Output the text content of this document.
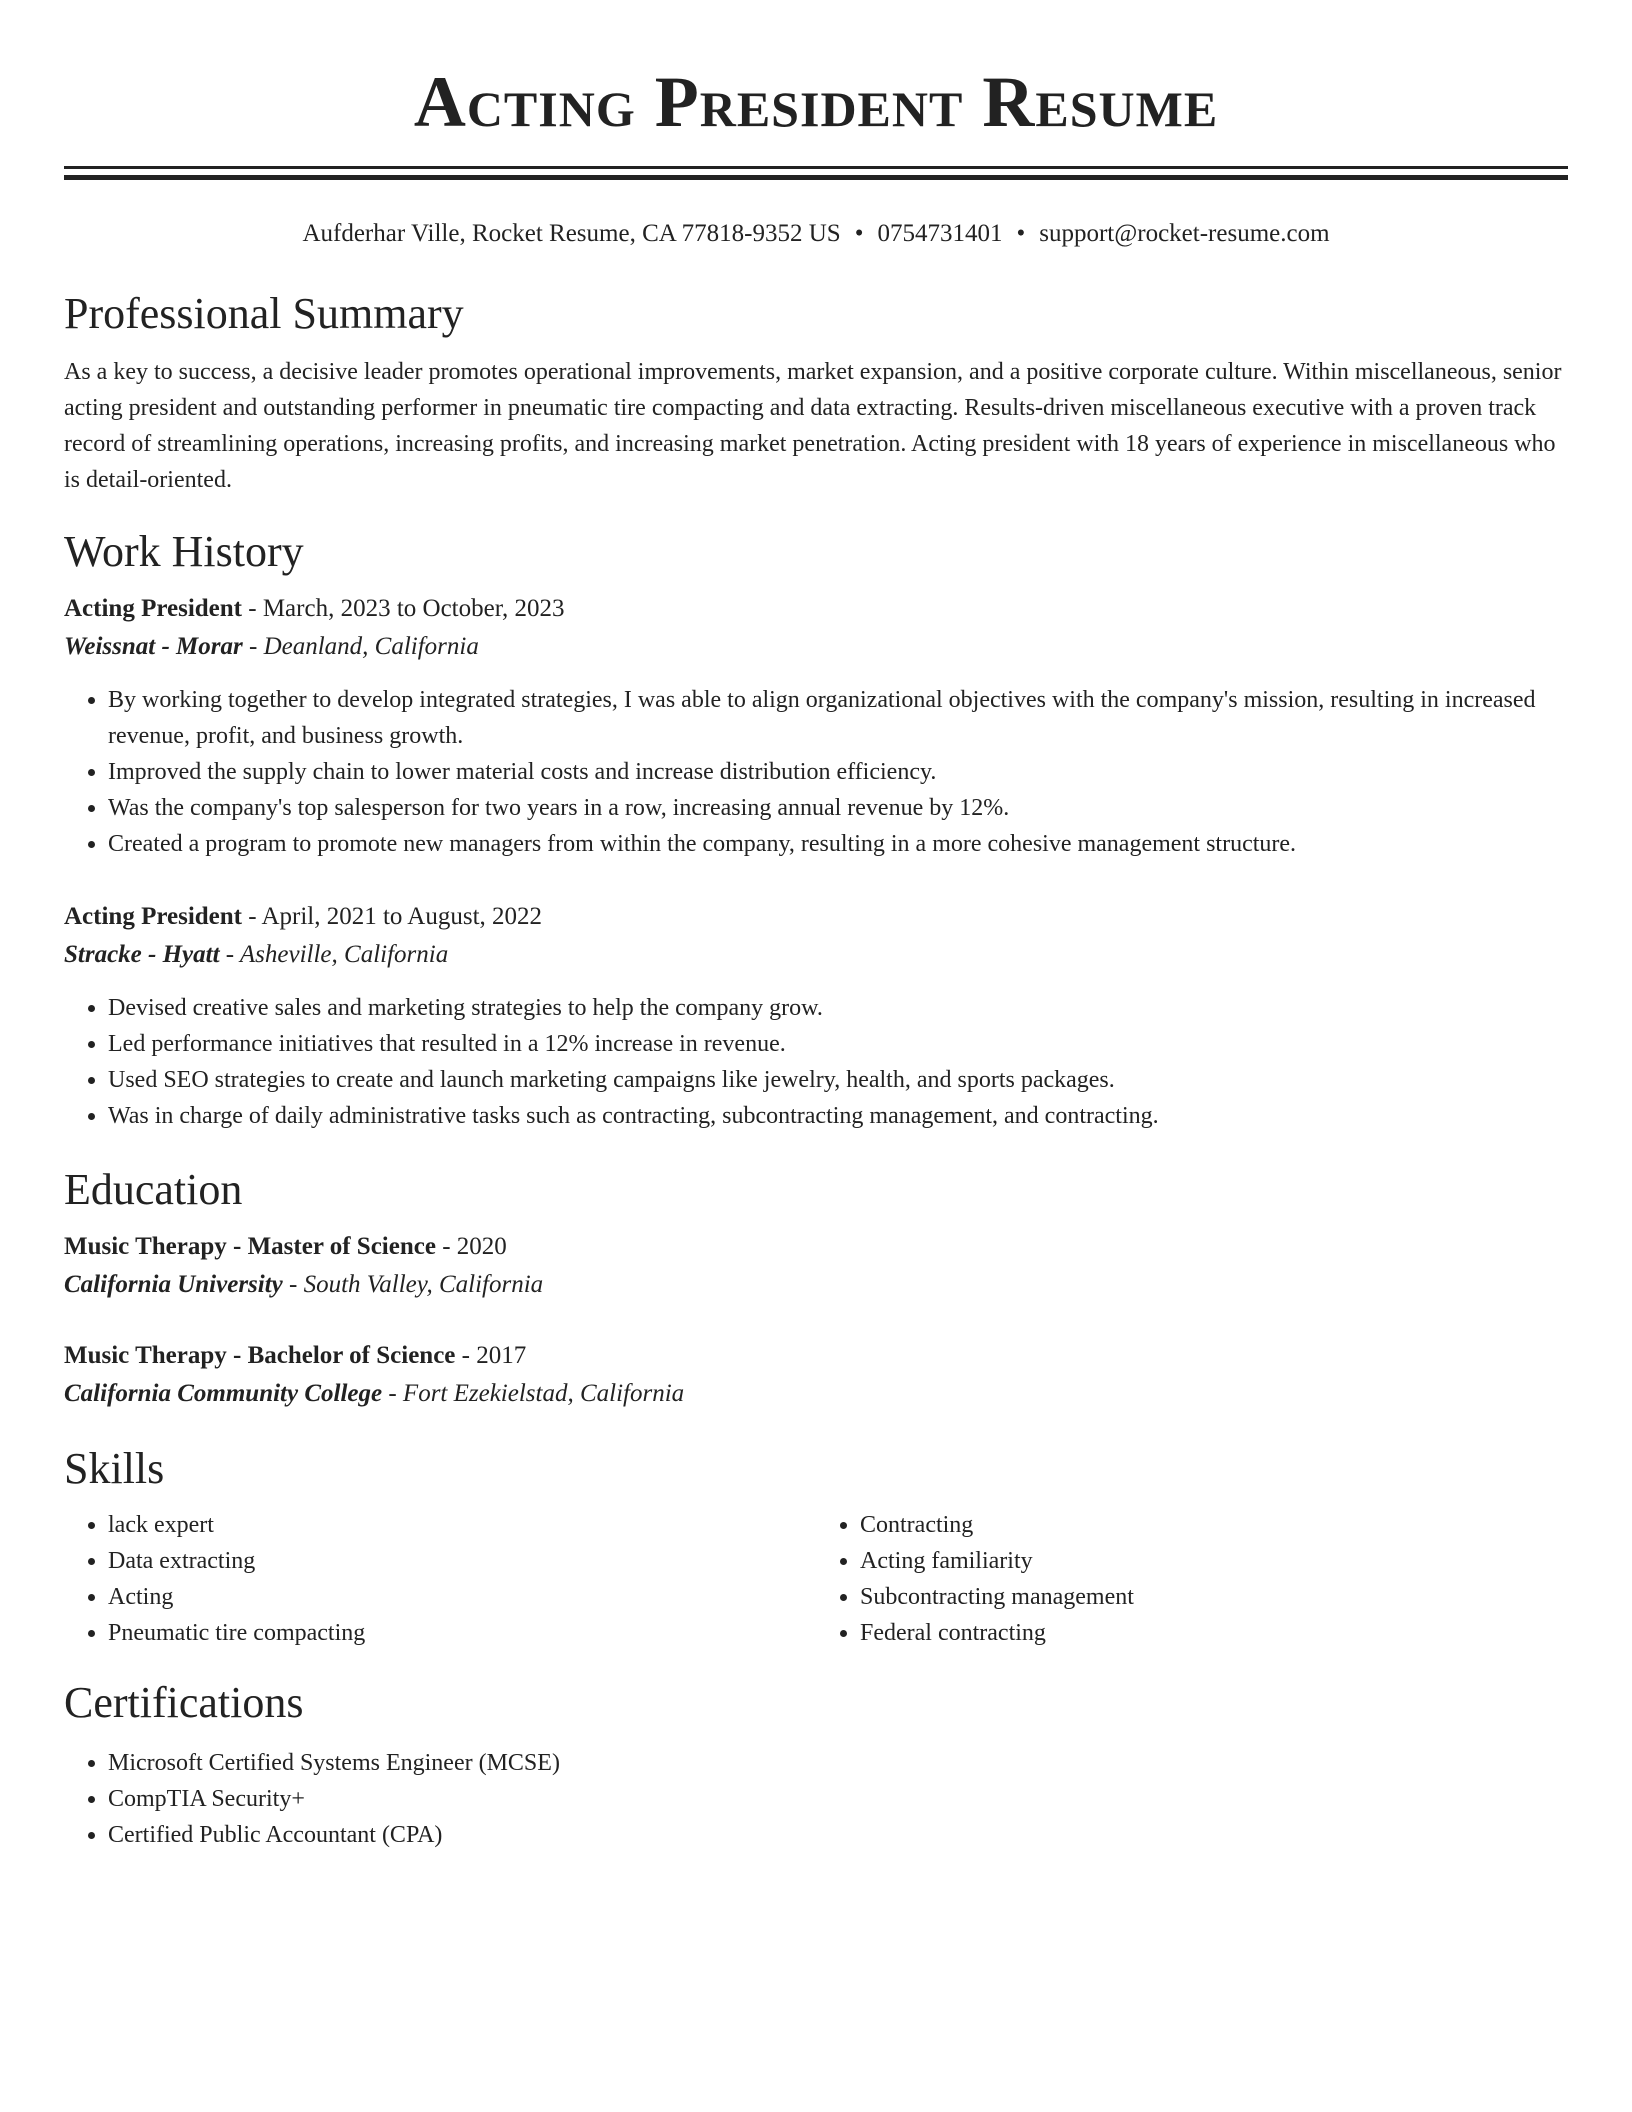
Acting President Resume
Aufderhar Ville, Rocket Resume, CA 77818-9352 US • 0754731401 • support@rocket-resume.com
Professional Summary

As a key to success, a decisive leader promotes operational improvements, market expansion, and a positive corporate culture. Within miscellaneous, senior acting president and outstanding performer in pneumatic tire compacting and data extracting. Results-driven miscellaneous executive with a proven track record of streamlining operations, increasing profits, and increasing market penetration. Acting president with 18 years of experience in miscellaneous who is detail-oriented.

Work History
Acting President - March, 2023 to October, 2023
Weissnat - Morar - Deanland, California
• By working together to develop integrated strategies, I was able to align organizational objectives with the company's mission, resulting in increased revenue, profit, and business growth.
• Improved the supply chain to lower material costs and increase distribution efficiency.
• Was the company's top salesperson for two years in a row, increasing annual revenue by 12%.
• Created a program to promote new managers from within the company, resulting in a more cohesive management structure.
Acting President - April, 2021 to August, 2022
Stracke - Hyatt - Asheville, California
• Devised creative sales and marketing strategies to help the company grow.
• Led performance initiatives that resulted in a 12% increase in revenue.
• Used SEO strategies to create and launch marketing campaigns like jewelry, health, and sports packages.
• Was in charge of daily administrative tasks such as contracting, subcontracting management, and contracting.
Education
Music Therapy - Master of Science - 2020
California University - South Valley, California
Music Therapy - Bachelor of Science - 2017
California Community College - Fort Ezekielstad, California
Skills
• lack expert
• Data extracting
• Acting
• Pneumatic tire compacting
• Contracting
• Acting familiarity
• Subcontracting management
• Federal contracting
Certifications
• Microsoft Certified Systems Engineer (MCSE)
• CompTIA Security+
• Certified Public Accountant (CPA)
